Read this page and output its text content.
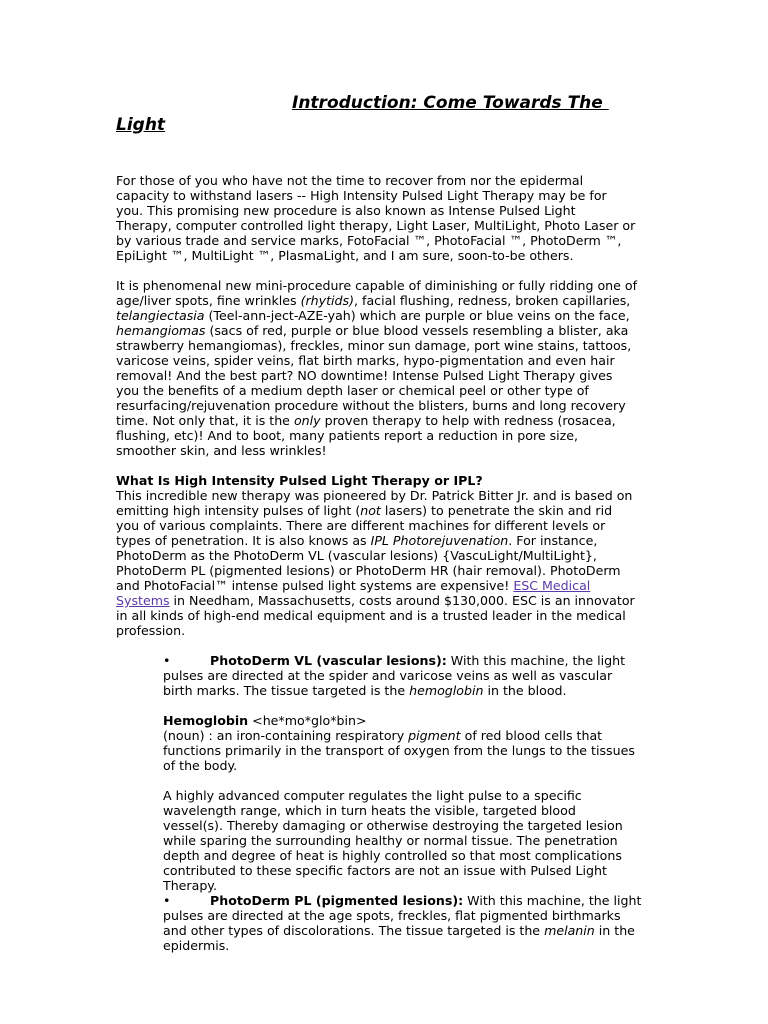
Introduction: Come Towards The
Light
For those of you who have not the time to recover from nor the epidermal
capacity to withstand lasers -- High Intensity Pulsed Light Therapy may be for
you. This promising new procedure is also known as Intense Pulsed Light
Therapy, computer controlled light therapy, Light Laser, MultiLight, Photo Laser or
by various trade and service marks, FotoFacial ™, PhotoFacial ™, PhotoDerm ™,
EpiLight ™, MultiLight ™, PlasmaLight, and I am sure, soon-to-be others.
It is phenomenal new mini-procedure capable of diminishing or fully ridding one of
age/liver spots, fine wrinkles (rhytids), facial flushing, redness, broken capillaries,
telangiectasia (Teel-ann-ject-AZE-yah) which are purple or blue veins on the face,
hemangiomas (sacs of red, purple or blue blood vessels resembling a blister, aka
strawberry hemangiomas), freckles, minor sun damage, port wine stains, tattoos,
varicose veins, spider veins, flat birth marks, hypo-pigmentation and even hair
removal! And the best part? NO downtime! Intense Pulsed Light Therapy gives
you the benefits of a medium depth laser or chemical peel or other type of
resurfacing/rejuvenation procedure without the blisters, burns and long recovery
time. Not only that, it is the only proven therapy to help with redness (rosacea,
flushing, etc)! And to boot, many patients report a reduction in pore size,
smoother skin, and less wrinkles!
What Is High Intensity Pulsed Light Therapy or IPL?
This incredible new therapy was pioneered by Dr. Patrick Bitter Jr. and is based on
emitting high intensity pulses of light (not lasers) to penetrate the skin and rid
you of various complaints. There are different machines for different levels or
types of penetration. It is also knows as IPL Photorejuvenation. For instance,
PhotoDerm as the PhotoDerm VL (vascular lesions) {VascuLight/MultiLight},
PhotoDerm PL (pigmented lesions) or PhotoDerm HR (hair removal). PhotoDerm
and PhotoFacial™ intense pulsed light systems are expensive! ESC Medical
Systems in Needham, Massachusetts, costs around $130,000. ESC is an innovator
in all kinds of high-end medical equipment and is a trusted leader in the medical
profession.
•	PhotoDerm VL (vascular lesions): With this machine, the light
pulses are directed at the spider and varicose veins as well as vascular
birth marks. The tissue targeted is the hemoglobin in the blood.
Hemoglobin <he*mo*glo*bin>
(noun) : an iron-containing respiratory pigment of red blood cells that
functions primarily in the transport of oxygen from the lungs to the tissues
of the body.
A highly advanced computer regulates the light pulse to a specific
wavelength range, which in turn heats the visible, targeted blood
vessel(s). Thereby damaging or otherwise destroying the targeted lesion
while sparing the surrounding healthy or normal tissue. The penetration
depth and degree of heat is highly controlled so that most complications
contributed to these specific factors are not an issue with Pulsed Light
Therapy.
•	PhotoDerm PL (pigmented lesions): With this machine, the light
pulses are directed at the age spots, freckles, flat pigmented birthmarks
and other types of discolorations. The tissue targeted is the melanin in the
epidermis.
